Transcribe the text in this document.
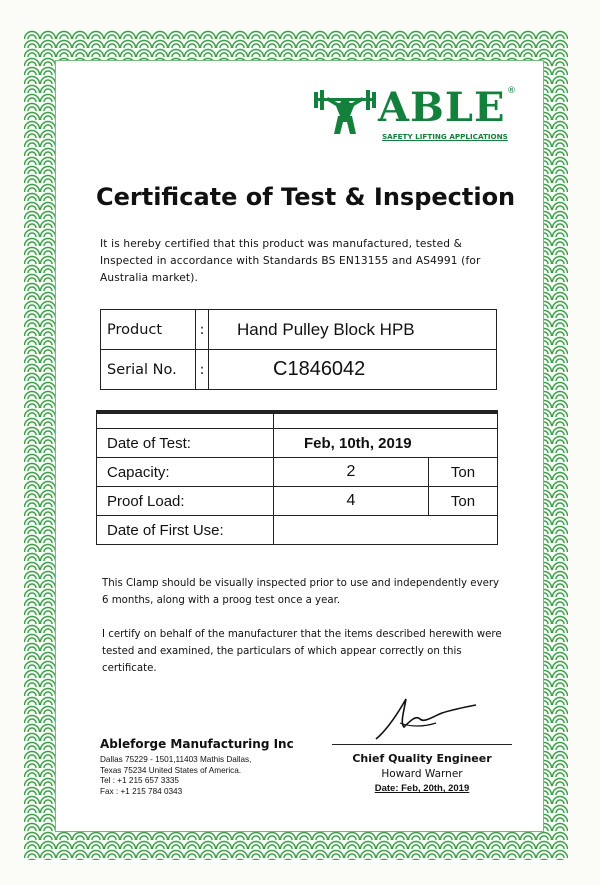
ABLE ®
SAFETY LIFTING APPLICATIONS
Certificate of Test & Inspection
It is hereby certified that this product was manufactured, tested & Inspected in accordance with Standards BS EN13155 and AS4991 (for Australia market).
Product	:	Hand Pulley Block HPB
Serial No.	:	C1846042

Date of Test:	Feb, 10th, 2019	
Capacity:	2	Ton
Proof Load:	4	Ton
Date of First Use:		
This Clamp should be visually inspected prior to use and independently every 6 months, along with a proog test once a year.
I certify on behalf of the manufacturer that the items described herewith were tested and examined, the particulars of which appear correctly on this certificate.
Ableforge Manufacturing Inc
Dallas 75229 - 1501,11403 Mathis Dallas,
Texas 75234 United States of America.
Tel : +1 215 657 3335
Fax : +1 215 784 0343
Chief Quality Engineer
Howard Warner
Date: Feb, 20th, 2019
